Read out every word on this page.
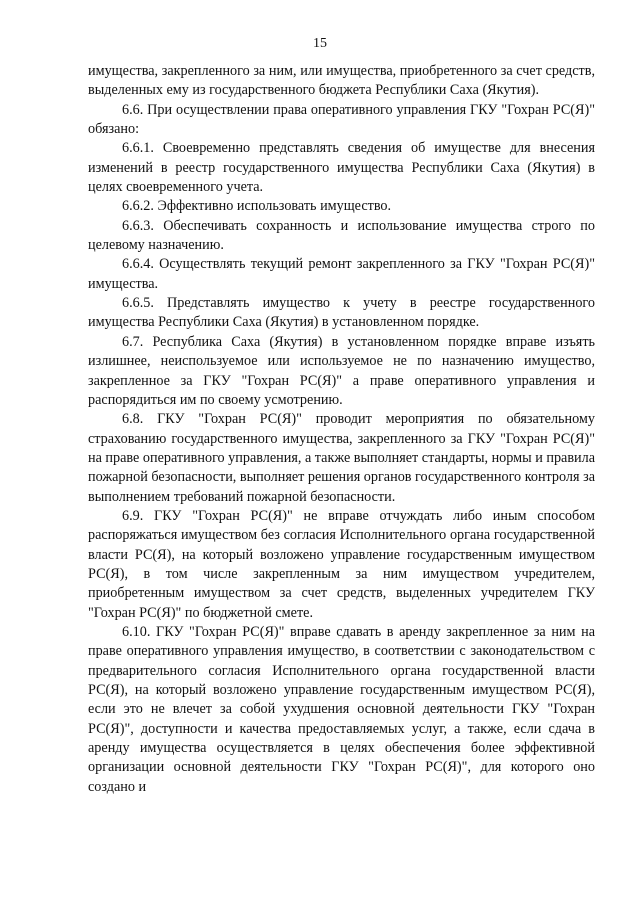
15

имущества, закрепленного за ним, или имущества, приобретенного за счет средств, выделенных ему из государственного бюджета Республики Саха (Якутия).

6.6. При осуществлении права оперативного управления ГКУ "Гохран РС(Я)" обязано:

6.6.1. Своевременно представлять сведения об имуществе для внесения изменений в реестр государственного имущества Республики Саха (Якутия) в целях своевременного учета.

6.6.2. Эффективно использовать имущество.

6.6.3. Обеспечивать сохранность и использование имущества строго по целевому назначению.

6.6.4. Осуществлять текущий ремонт закрепленного за ГКУ "Гохран РС(Я)" имущества.

6.6.5. Представлять имущество к учету в реестре государственного имущества Республики Саха (Якутия) в установленном порядке.

6.7. Республика Саха (Якутия) в установленном порядке вправе изъять излишнее, неиспользуемое или используемое не по назначению имущество, закрепленное за ГКУ "Гохран РС(Я)" а праве оперативного управления и распорядиться им по своему усмотрению.

6.8. ГКУ "Гохран РС(Я)" проводит мероприятия по обязательному страхованию государственного имущества, закрепленного за ГКУ "Гохран РС(Я)" на праве оперативного управления, а также выполняет стандарты, нормы и правила пожарной безопасности, выполняет решения органов государственного контроля за выполнением требований пожарной безопасности.

6.9. ГКУ "Гохран РС(Я)" не вправе отчуждать либо иным способом распоряжаться имуществом без согласия Исполнительного органа государственной власти РС(Я), на который возложено управление государственным имуществом РС(Я), в том числе закрепленным за ним имуществом учредителем, приобретенным имуществом за счет средств, выделенных учредителем ГКУ "Гохран РС(Я)" по бюджетной смете.

6.10. ГКУ "Гохран РС(Я)" вправе сдавать в аренду закрепленное за ним на праве оперативного управления имущество, в соответствии с законодательством с предварительного согласия Исполнительного органа государственной власти РС(Я), на который возложено управление государственным имуществом РС(Я), если это не влечет за собой ухудшения основной деятельности ГКУ "Гохран РС(Я)", доступности и качества предоставляемых услуг, а также, если сдача в аренду имущества осуществляется в целях обеспечения более эффективной организации основной деятельности ГКУ "Гохран РС(Я)", для которого оно создано и
